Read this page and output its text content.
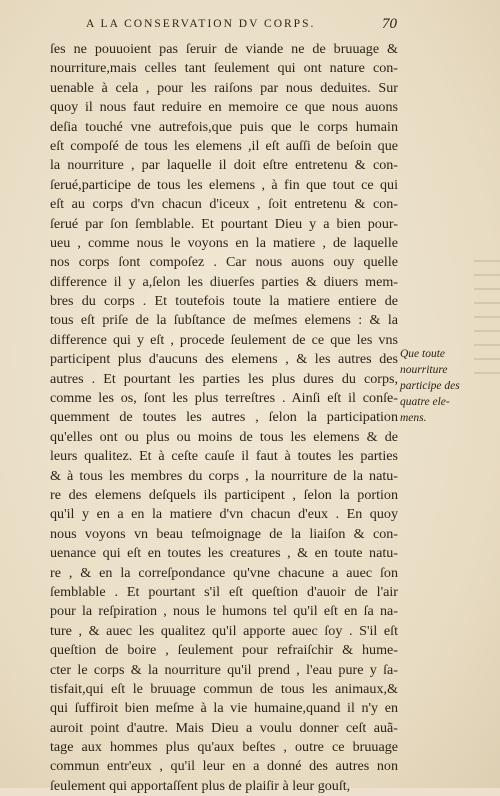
A LA CONSERVATION DV CORPS.	70
ſes ne pouuoient pas ſeruir de viande ne de bruuage &
nourriture,mais celles tant ſeulement qui ont nature con-
uenable à cela , pour les raiſons par nous deduites. Sur
quoy il nous faut reduire en memoire ce que nous auons
deſia touché vne autrefois,que puis que le corps humain
eſt compoſé de tous les elemens ,il eſt auſſi de beſoin que
la nourriture , par laquelle il doit eſtre entretenu & con-
ſerué,participe de tous les elemens , à fin que tout ce qui
eſt au corps d'vn chacun d'iceux , ſoit entretenu & con-
ſerué par ſon ſemblable. Et pourtant Dieu y a bien pour-
ueu , comme nous le voyons en la matiere , de laquelle
nos corps ſont compoſez . Car nous auons ouy quelle
difference il y a,ſelon les diuerſes parties & diuers mem-
bres du corps . Et toutefois toute la matiere entiere de
tous eſt priſe de la ſubſtance de meſmes elemens : & la
difference qui y eſt , procede ſeulement de ce que les vns
participent plus d'aucuns des elemens , & les autres des
autres . Et pourtant les parties les plus dures du corps,
comme les os, ſont les plus terreſtres . Ainſi eſt il conſe-
quemment de toutes les autres , ſelon la participation
qu'elles ont ou plus ou moins de tous les elemens & de
leurs qualitez. Et à ceſte cauſe il faut à toutes les parties
& à tous les membres du corps , la nourriture de la natu-
re des elemens deſquels ils participent , ſelon la portion
qu'il y en a en la matiere d'vn chacun d'eux . En quoy
nous voyons vn beau teſmoignage de la liaiſon & con-
uenance qui eſt en toutes les creatures , & en toute natu-
re , & en la correſpondance qu'vne chacune a auec ſon
ſemblable . Et pourtant s'il eſt queſtion d'auoir de l'air
pour la reſpiration , nous le humons tel qu'il eſt en ſa na-
ture , & auec les qualitez qu'il apporte auec ſoy . S'il eſt
queſtion de boire , ſeulement pour refraiſchir & hume-
cter le corps & la nourriture qu'il prend , l'eau pure y ſa-
tisfait,qui eſt le bruuage commun de tous les animaux,&
qui ſuffiroit bien meſme à la vie humaine,quand il n'y en
auroit point d'autre. Mais Dieu a voulu donner ceſt auã-
tage aux hommes plus qu'aux beſtes , outre ce bruuage
commun entr'eux , qu'il leur en a donné des autres non
ſeulement qui apportaſſent plus de plaiſir à leur gouſt,
Que toute
nourriture
participe des
quatre ele-
mens.
